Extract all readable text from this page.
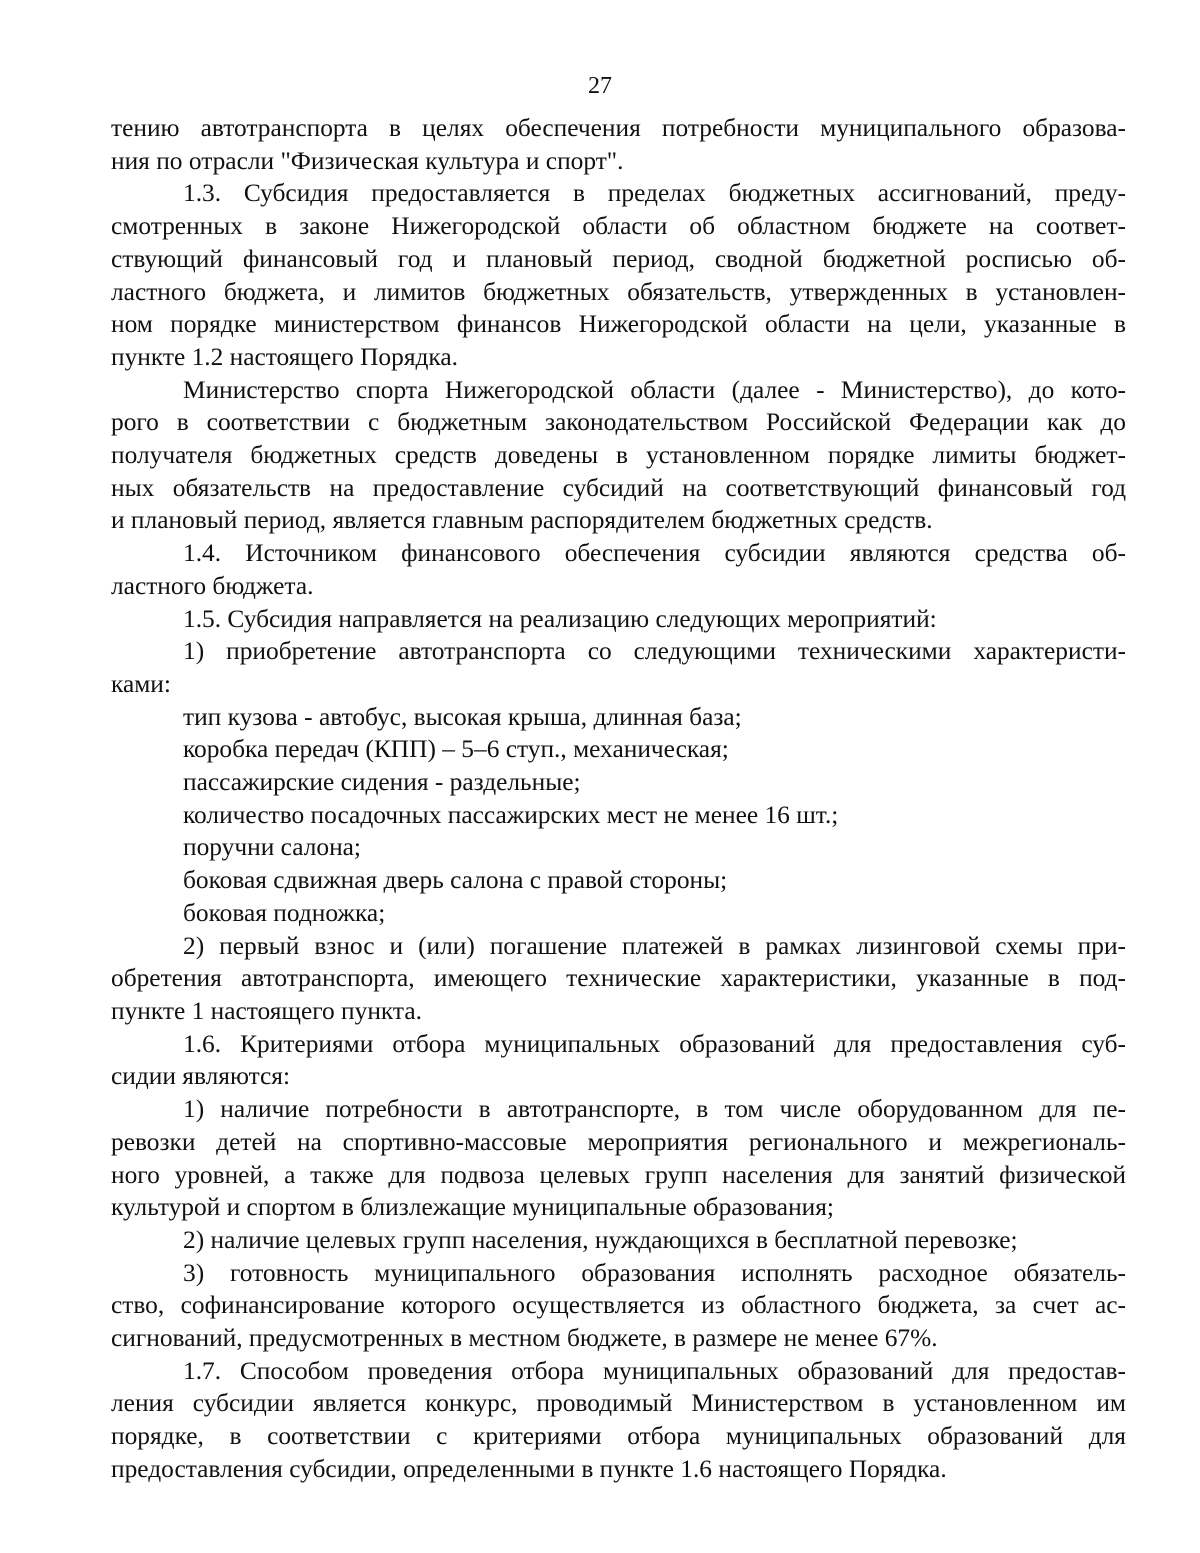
27

тению автотранспорта в целях обеспечения потребности муниципального образова-

ния по отрасли "Физическая культура и спорт".

1.3. Субсидия предоставляется в пределах бюджетных ассигнований, преду-

смотренных в законе Нижегородской области об областном бюджете на соответ-

ствующий финансовый год и плановый период, сводной бюджетной росписью об-

ластного бюджета, и лимитов бюджетных обязательств, утвержденных в установлен-

ном порядке министерством финансов Нижегородской области на цели, указанные в

пункте 1.2 настоящего Порядка.

Министерство спорта Нижегородской области (далее - Министерство), до кото-

рого в соответствии с бюджетным законодательством Российской Федерации как до

получателя бюджетных средств доведены в установленном порядке лимиты бюджет-

ных обязательств на предоставление субсидий на соответствующий финансовый год

и плановый период, является главным распорядителем бюджетных средств.

1.4. Источником финансового обеспечения субсидии являются средства об-

ластного бюджета.

1.5. Субсидия направляется на реализацию следующих мероприятий:

1) приобретение автотранспорта со следующими техническими характеристи-

ками:

тип кузова - автобус, высокая крыша, длинная база;

коробка передач (КПП) – 5–6 ступ., механическая;

пассажирские сидения - раздельные;

количество посадочных пассажирских мест не менее 16 шт.;

поручни салона;

боковая сдвижная дверь салона с правой стороны;

боковая подножка;

2) первый взнос и (или) погашение платежей в рамках лизинговой схемы при-

обретения автотранспорта, имеющего технические характеристики, указанные в под-

пункте 1 настоящего пункта.

1.6. Критериями отбора муниципальных образований для предоставления суб-

сидии являются:

1) наличие потребности в автотранспорте, в том числе оборудованном для пе-

ревозки детей на спортивно-массовые мероприятия регионального и межрегиональ-

ного уровней, а также для подвоза целевых групп населения для занятий физической

культурой и спортом в близлежащие муниципальные образования;

2) наличие целевых групп населения, нуждающихся в бесплатной перевозке;

3) готовность муниципального образования исполнять расходное обязатель-

ство, софинансирование которого осуществляется из областного бюджета, за счет ас-

сигнований, предусмотренных в местном бюджете, в размере не менее 67%.

1.7. Способом проведения отбора муниципальных образований для предостав-

ления субсидии является конкурс, проводимый Министерством в установленном им

порядке, в соответствии с критериями отбора муниципальных образований для

предоставления субсидии, определенными в пункте 1.6 настоящего Порядка.
